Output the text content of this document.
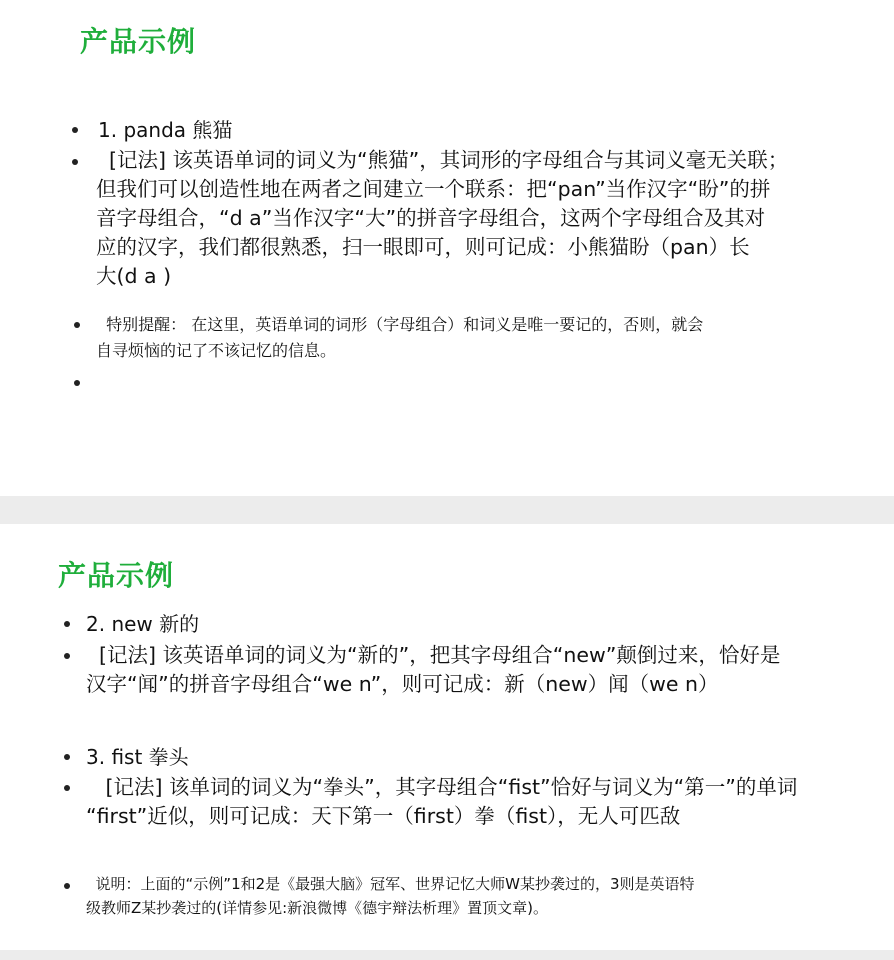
产品示例
1. panda 熊猫
[记法] 该英语单词的词义为“熊猫”，其词形的字母组合与其词义毫无关联；
但我们可以创造性地在两者之间建立一个联系：把“pan”当作汉字“盼”的拼
音字母组合，“d a”当作汉字“大”的拼音字母组合，这两个字母组合及其对
应的汉字，我们都很熟悉，扫一眼即可，则可记成：小熊猫盼（pan）长
大(d a )
特别提醒： 在这里，英语单词的词形（字母组合）和词义是唯一要记的，否则，就会
自寻烦恼的记了不该记忆的信息。
产品示例
2. new 新的
[记法] 该英语单词的词义为“新的”，把其字母组合“new”颠倒过来，恰好是
汉字“闻”的拼音字母组合“we n”，则可记成：新（new）闻（we n）
3. fist 拳头
[记法] 该单词的词义为“拳头”，其字母组合“fist”恰好与词义为“第一”的单词
“first”近似，则可记成：天下第一（first）拳（fist），无人可匹敌
说明：上面的“示例”1和2是《最强大脑》冠军、世界记忆大师W某抄袭过的，3则是英语特
级教师Z某抄袭过的(详情参见:新浪微博《德宇辩法析理》置顶文章)。
